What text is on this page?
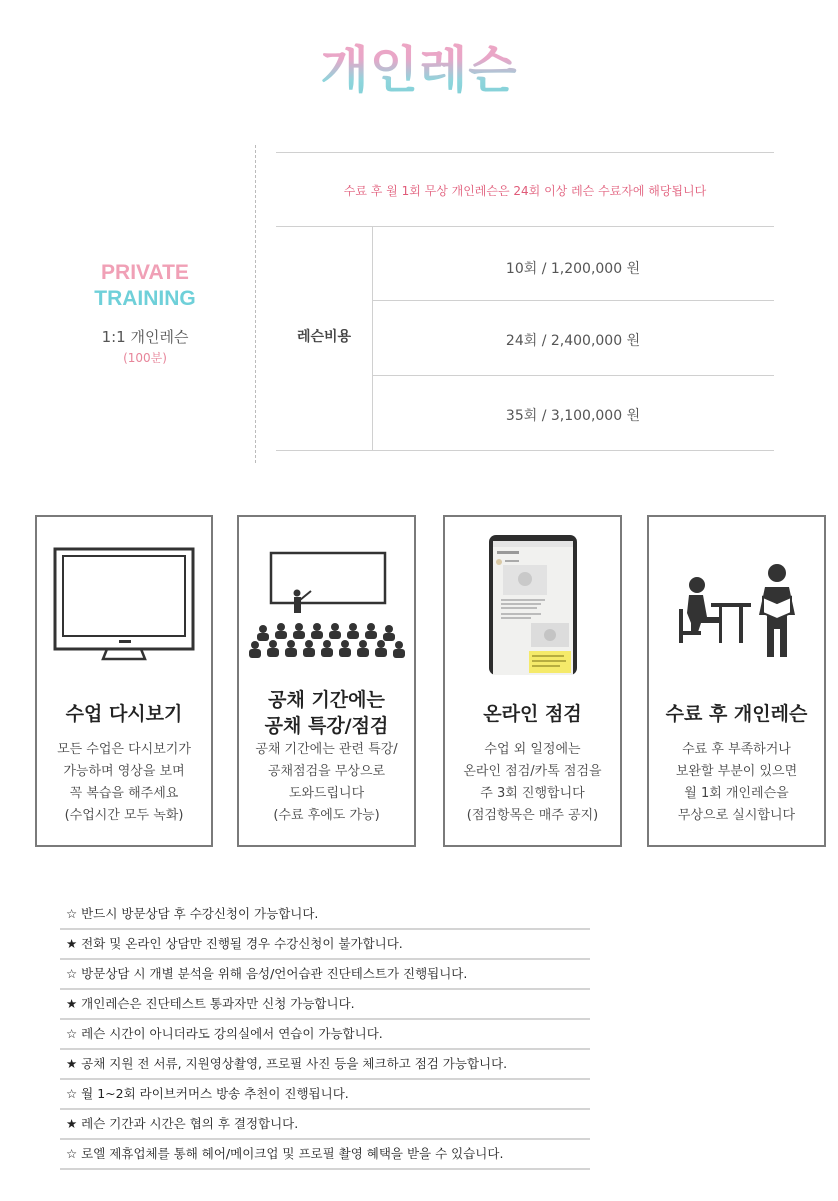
개인레슨
PRIVATE
TRAINING
1:1 개인레슨
(100분)
수료 후 월 1회 무상 개인레슨은 24회 이상 레슨 수료자에 해당됩니다
레슨비용
10회 / 1,200,000 원
24회 / 2,400,000 원
35회 / 3,100,000 원
수업 다시보기
모든 수업은 다시보기가
가능하며 영상을 보며
꼭 복습을 해주세요
(수업시간 모두 녹화)
공채 기간에는
공채 특강/점검
공채 기간에는 관련 특강/
공채점검을 무상으로
도와드립니다
(수료 후에도 가능)
온라인 점검
수업 외 일정에는
온라인 점검/카톡 점검을
주 3회 진행합니다
(점검항목은 매주 공지)
수료 후 개인레슨
수료 후 부족하거나
보완할 부분이 있으면
월 1회 개인레슨을
무상으로 실시합니다
☆ 반드시 방문상담 후 수강신청이 가능합니다.
★ 전화 및 온라인 상담만 진행될 경우 수강신청이 불가합니다.
☆ 방문상담 시 개별 분석을 위해 음성/언어습관 진단테스트가 진행됩니다.
★ 개인레슨은 진단테스트 통과자만 신청 가능합니다.
☆ 레슨 시간이 아니더라도 강의실에서 연습이 가능합니다.
★ 공채 지원 전 서류, 지원영상촬영, 프로필 사진 등을 체크하고 점검 가능합니다.
☆ 월 1~2회 라이브커머스 방송 추천이 진행됩니다.
★ 레슨 기간과 시간은 협의 후 결정합니다.
☆ 로엘 제휴업체를 통해 헤어/메이크업 및 프로필 촬영 혜택을 받을 수 있습니다.
